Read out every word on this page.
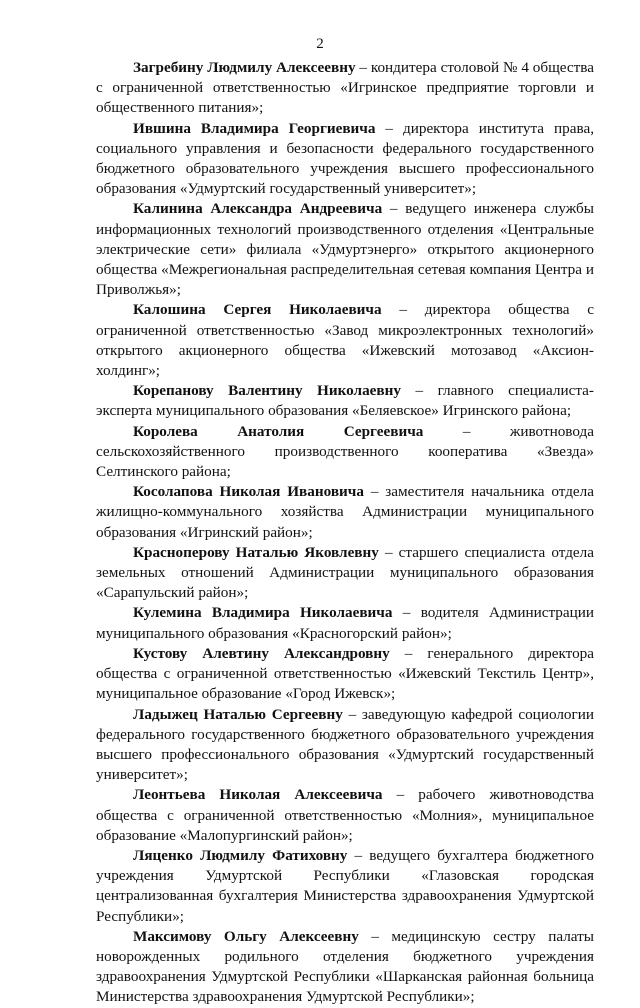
2

Загребину Людмилу Алексеевну – кондитера столовой № 4 общества с ограниченной ответственностью «Игринское предприятие торговли и общественного питания»;

Ившина Владимира Георгиевича – директора института права, социального управления и безопасности федерального государственного бюджетного образовательного учреждения высшего профессионального образования «Удмуртский государственный университет»;

Калинина Александра Андреевича – ведущего инженера службы информационных технологий производственного отделения «Центральные электрические сети» филиала «Удмуртэнерго» открытого акционерного общества «Межрегиональная распределительная сетевая компания Центра и Приволжья»;

Калошина Сергея Николаевича – директора общества с ограниченной ответственностью «Завод микроэлектронных технологий» открытого акционерного общества «Ижевский мотозавод «Аксион-холдинг»;

Корепанову Валентину Николаевну – главного специалиста-эксперта муниципального образования «Беляевское» Игринского района;

Королева Анатолия Сергеевича – животновода сельскохозяйственного производственного кооператива «Звезда» Селтинского района;

Косолапова Николая Ивановича – заместителя начальника отдела жилищно-коммунального хозяйства Администрации муниципального образования «Игринский район»;

Красноперову Наталью Яковлевну – старшего специалиста отдела земельных отношений Администрации муниципального образования «Сарапульский район»;

Кулемина Владимира Николаевича – водителя Администрации муниципального образования «Красногорский район»;

Кустову Алевтину Александровну – генерального директора общества с ограниченной ответственностью «Ижевский Текстиль Центр», муниципальное образование «Город Ижевск»;

Ладыжец Наталью Сергеевну – заведующую кафедрой социологии федерального государственного бюджетного образовательного учреждения высшего профессионального образования «Удмуртский государственный университет»;

Леонтьева Николая Алексеевича – рабочего животноводства общества с ограниченной ответственностью «Молния», муниципальное образование «Малопургинский район»;

Ляценко Людмилу Фатиховну – ведущего бухгалтера бюджетного учреждения Удмуртской Республики «Глазовская городская централизованная бухгалтерия Министерства здравоохранения Удмуртской Республики»;

Максимову Ольгу Алексеевну – медицинскую сестру палаты новорожденных родильного отделения бюджетного учреждения здравоохранения Удмуртской Республики «Шарканская районная больница Министерства здравоохранения Удмуртской Республики»;
